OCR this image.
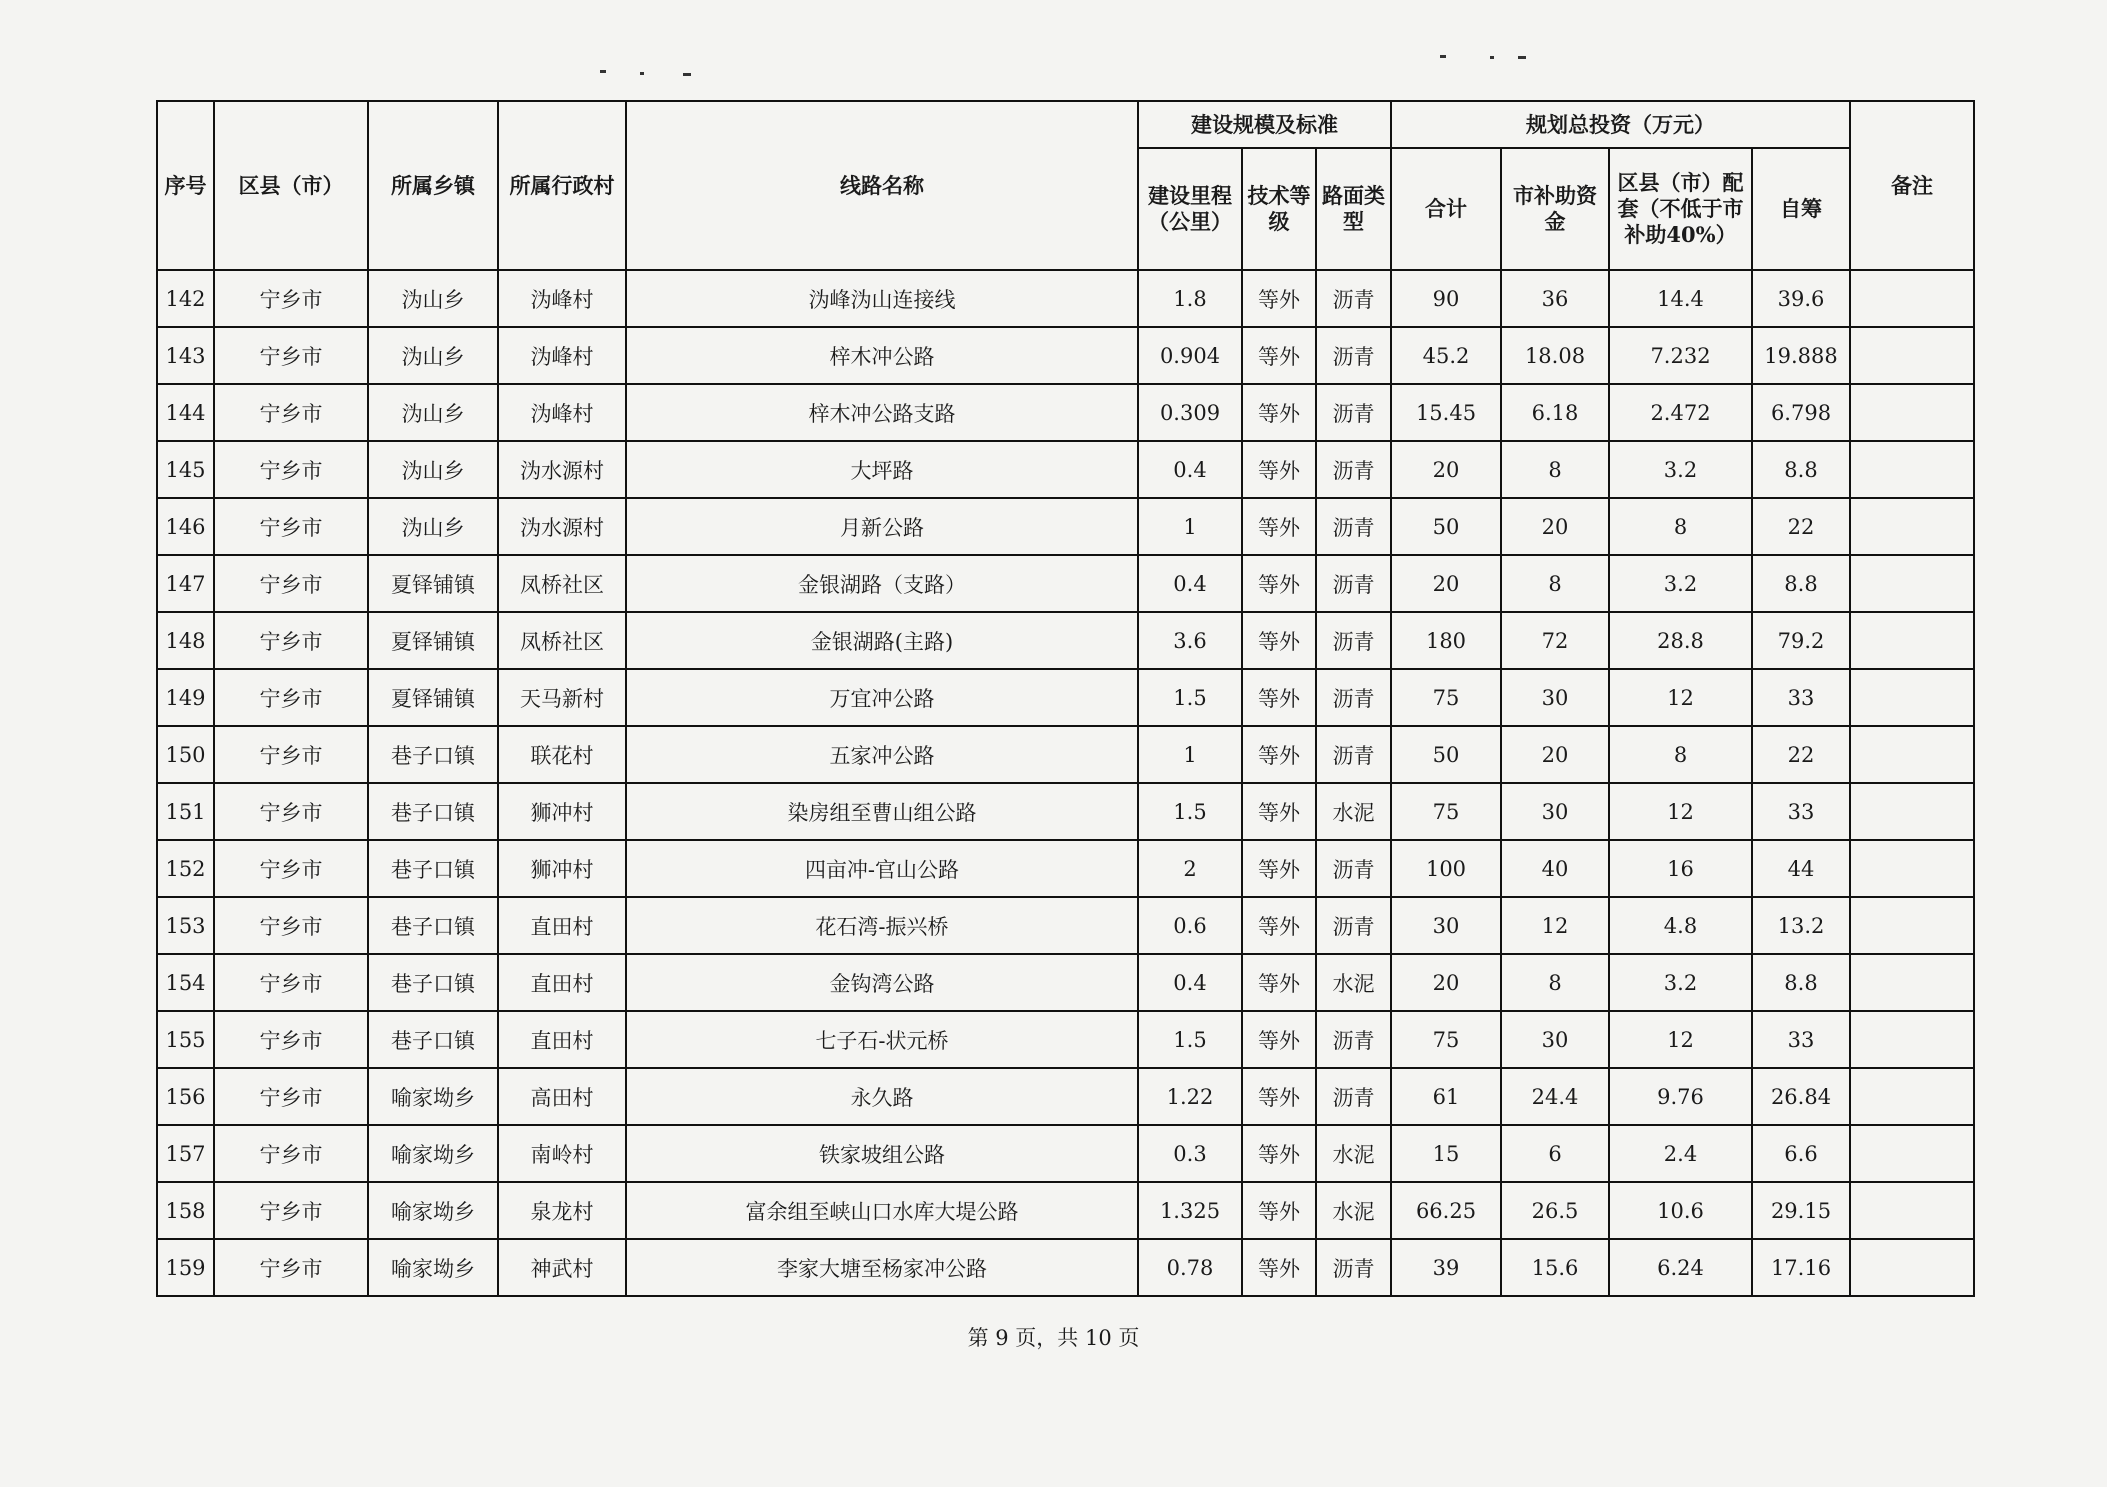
序号	区县（市）	所属乡镇	所属行政村	线路名称	建设规模及标准			规划总投资（万元）				备注
					建设里程（公里）	技术等级	路面类型	合计	市补助资金	区县（市）配套（不低于市补助40%）	自筹	
142	宁乡市	沩山乡	沩峰村	沩峰沩山连接线	1.8	等外	沥青	90	36	14.4	39.6	
143	宁乡市	沩山乡	沩峰村	梓木冲公路	0.904	等外	沥青	45.2	18.08	7.232	19.888	
144	宁乡市	沩山乡	沩峰村	梓木冲公路支路	0.309	等外	沥青	15.45	6.18	2.472	6.798	
145	宁乡市	沩山乡	沩水源村	大坪路	0.4	等外	沥青	20	8	3.2	8.8	
146	宁乡市	沩山乡	沩水源村	月新公路	1	等外	沥青	50	20	8	22	
147	宁乡市	夏铎铺镇	凤桥社区	金银湖路（支路）	0.4	等外	沥青	20	8	3.2	8.8	
148	宁乡市	夏铎铺镇	凤桥社区	金银湖路(主路)	3.6	等外	沥青	180	72	28.8	79.2	
149	宁乡市	夏铎铺镇	天马新村	万宜冲公路	1.5	等外	沥青	75	30	12	33	
150	宁乡市	巷子口镇	联花村	五家冲公路	1	等外	沥青	50	20	8	22	
151	宁乡市	巷子口镇	狮冲村	染房组至曹山组公路	1.5	等外	水泥	75	30	12	33	
152	宁乡市	巷子口镇	狮冲村	四亩冲-官山公路	2	等外	沥青	100	40	16	44	
153	宁乡市	巷子口镇	直田村	花石湾-振兴桥	0.6	等外	沥青	30	12	4.8	13.2	
154	宁乡市	巷子口镇	直田村	金钩湾公路	0.4	等外	水泥	20	8	3.2	8.8	
155	宁乡市	巷子口镇	直田村	七子石-状元桥	1.5	等外	沥青	75	30	12	33	
156	宁乡市	喻家坳乡	高田村	永久路	1.22	等外	沥青	61	24.4	9.76	26.84	
157	宁乡市	喻家坳乡	南岭村	铁家坡组公路	0.3	等外	水泥	15	6	2.4	6.6	
158	宁乡市	喻家坳乡	泉龙村	富余组至峡山口水库大堤公路	1.325	等外	水泥	66.25	26.5	10.6	29.15	
159	宁乡市	喻家坳乡	神武村	李家大塘至杨家冲公路	0.78	等外	沥青	39	15.6	6.24	17.16	
第 9 页，共 10 页
